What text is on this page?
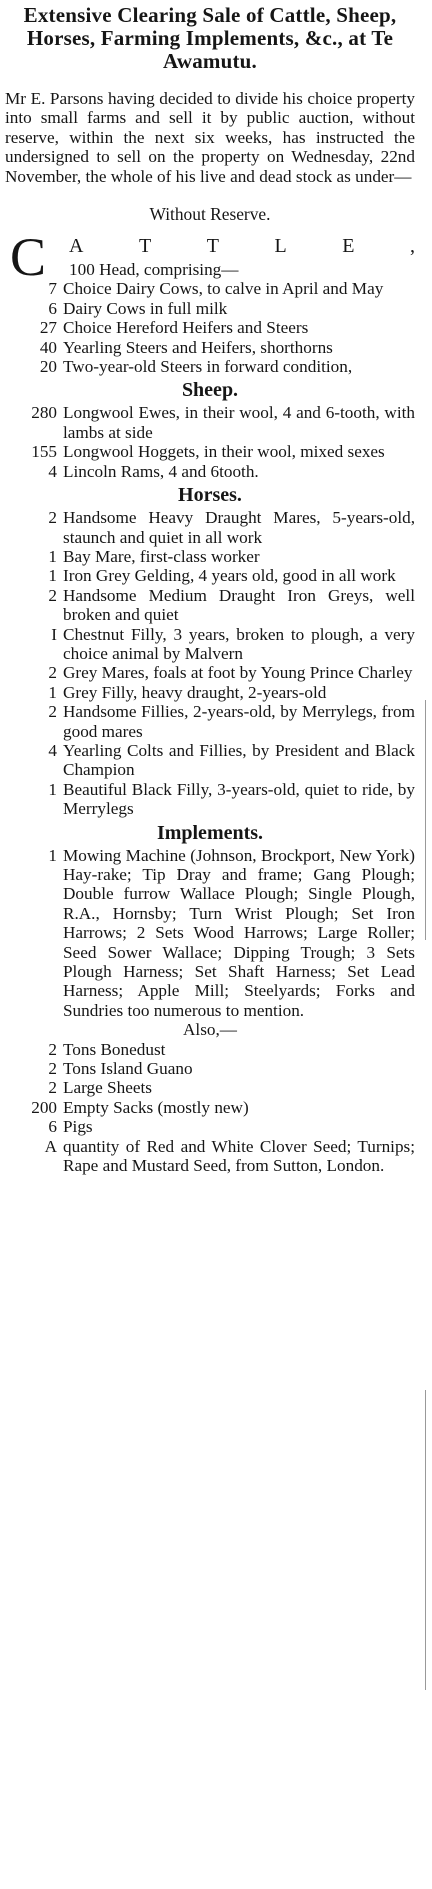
Extensive Clearing Sale of Cattle, Sheep, Horses, Farming Implements, &c., at Te Awamutu.

Mr E. Parsons having decided to divide his choice property into small farms and sell it by public auction, without reserve, within the next six weeks, has instructed the undersigned to sell on the property on Wednesday, 22nd November, the whole of his live and dead stock as under—

Without Reserve.
C A	T	T	L	E	,
100 Head, comprising—
7 Choice Dairy Cows, to calve in April and May
6 Dairy Cows in full milk
27 Choice Hereford Heifers and Steers
40 Yearling Steers and Heifers, shorthorns
20 Two-year-old Steers in forward condition,
Sheep.
280 Longwool Ewes, in their wool, 4 and 6-tooth, with lambs at side
155 Longwool Hoggets, in their wool, mixed sexes
4 Lincoln Rams, 4 and 6tooth.
Horses.
2 Handsome Heavy Draught Mares, 5-years-old, staunch and quiet in all work
1 Bay Mare, first-class worker
1 Iron Grey Gelding, 4 years old, good in all work
2 Handsome Medium Draught Iron Greys, well broken and quiet
I Chestnut Filly, 3 years, broken to plough, a very choice animal by Malvern
2 Grey Mares, foals at foot by Young Prince Charley
1 Grey Filly, heavy draught, 2-years-old
2 Handsome Fillies, 2-years-old, by Merrylegs, from good mares
4 Yearling Colts and Fillies, by President and Black Champion
1 Beautiful Black Filly, 3-years-old, quiet to ride, by Merrylegs
Implements.
1 Mowing Machine (Johnson, Brockport, New York) Hay-rake; Tip Dray and frame; Gang Plough; Double furrow Wallace Plough; Single Plough, R.A., Hornsby; Turn Wrist Plough; Set Iron Harrows; 2 Sets Wood Harrows; Large Roller; Seed Sower Wallace; Dipping Trough; 3 Sets Plough Harness; Set Shaft Harness; Set Lead Harness; Apple Mill; Steelyards; Forks and Sundries too numerous to mention.
Also,—
2 Tons Bonedust
2 Tons Island Guano
2 Large Sheets
200 Empty Sacks (mostly new)
6 Pigs
A quantity of Red and White Clover Seed; Turnips; Rape and Mustard Seed, from Sutton, London.
